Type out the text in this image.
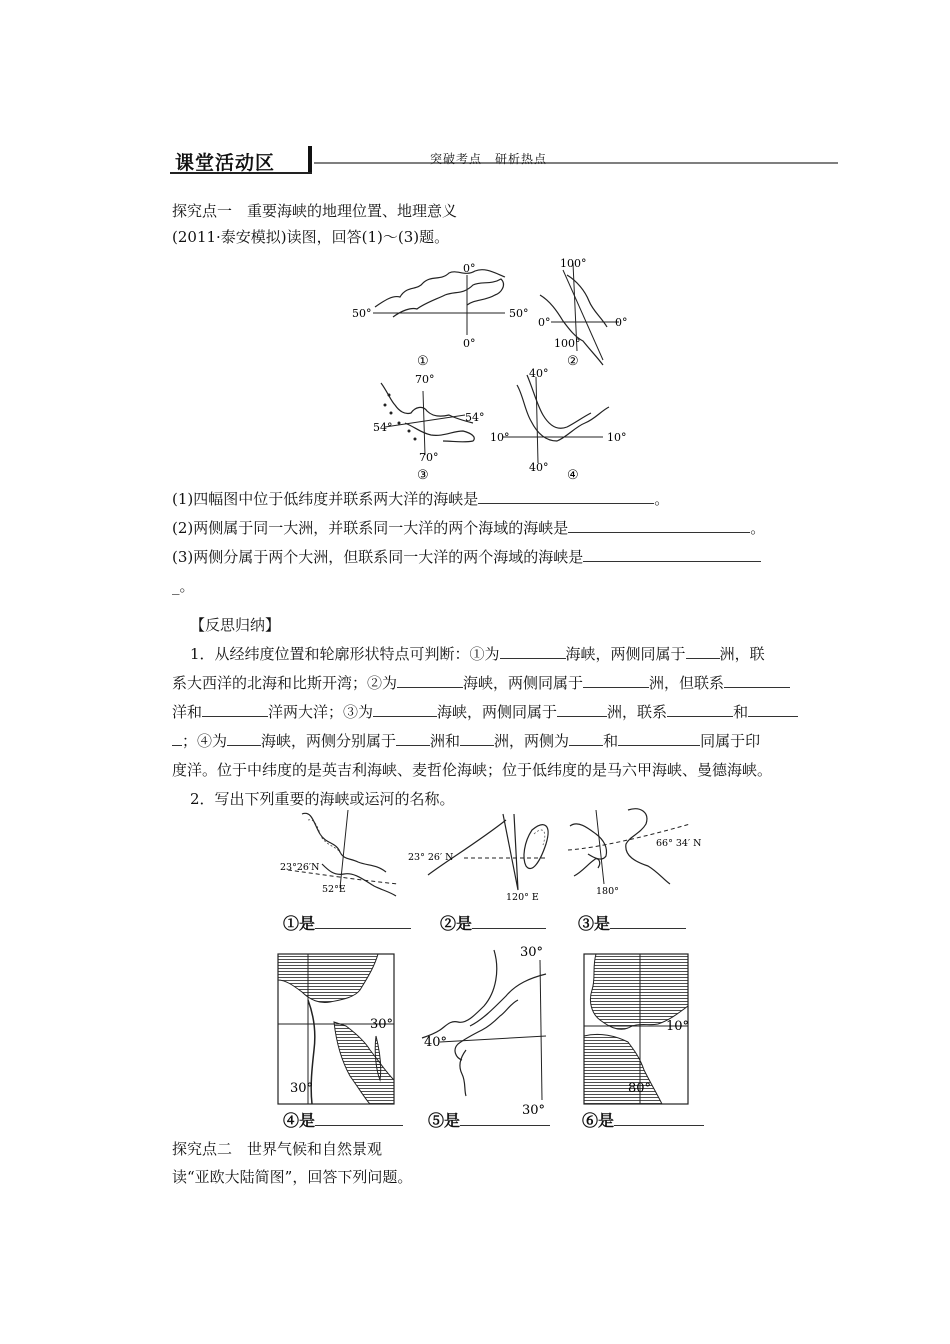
课堂活动区	突破考点　研析热点
探究点一　重要海峡的地理位置、地理意义
(2011·泰安模拟)读图，回答(1)～(3)题。
50°	50°
0°
0°
①
100°
100°
0°	0°
②
70°
70°
54°
54°
③
40°
40°
10°	10°
④
(1)四幅图中位于低纬度并联系两大洋的海峡是	。
(2)两侧属于同一大洲，并联系同一大洋的两个海域的海峡是	。
(3)两侧分属于两个大洲，但联系同一大洋的两个海域的海峡是
_。
【反思归纳】
1．从经纬度位置和轮廓形状特点可判断：①为	海峡，两侧同属于 洲，联
系大西洋的北海和比斯开湾；②为	海峡，两侧同属于	洲，但联系
洋和	洋两大洋；③为	海峡，两侧同属于	洲，联系	和
；④为 海峡，两侧分别属于 洲和 洲，两侧为 和	同属于印
度洋。位于中纬度的是英吉利海峡、麦哲伦海峡；位于低纬度的是马六甲海峡、曼德海峡。
2．写出下列重要的海峡或运河的名称。
23°26′N
52°E
23° 26′ N
120° E
66° 34′ N
180°
①是	②是	③是
30°
30°
30°
30°
40°
10°
80°
④是	⑤是	⑥是
探究点二　世界气候和自然景观
读“亚欧大陆简图”，回答下列问题。
